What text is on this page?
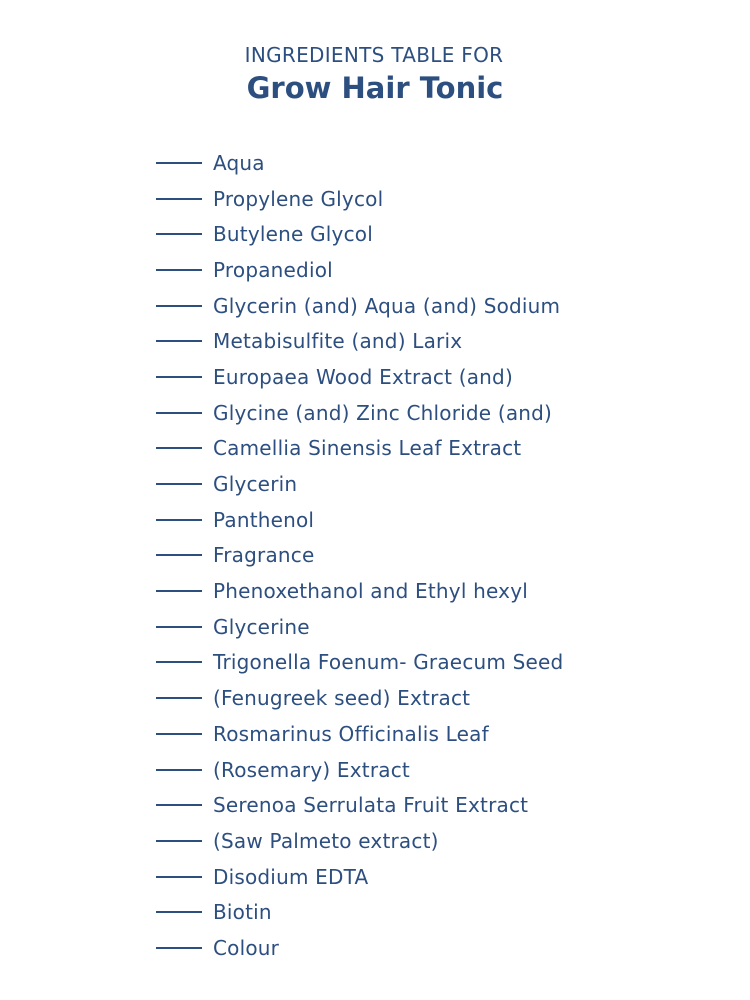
INGREDIENTS TABLE FOR
Grow Hair Tonic
Aqua
Propylene Glycol
Butylene Glycol
Propanediol
Glycerin (and) Aqua (and) Sodium
Metabisulfite (and) Larix
Europaea Wood Extract (and)
Glycine (and) Zinc Chloride (and)
Camellia Sinensis Leaf Extract
Glycerin
Panthenol
Fragrance
Phenoxethanol and Ethyl hexyl
Glycerine
Trigonella Foenum- Graecum Seed
(Fenugreek seed) Extract
Rosmarinus Officinalis Leaf
(Rosemary) Extract
Serenoa Serrulata Fruit Extract
(Saw Palmeto extract)
Disodium EDTA
Biotin
Colour
